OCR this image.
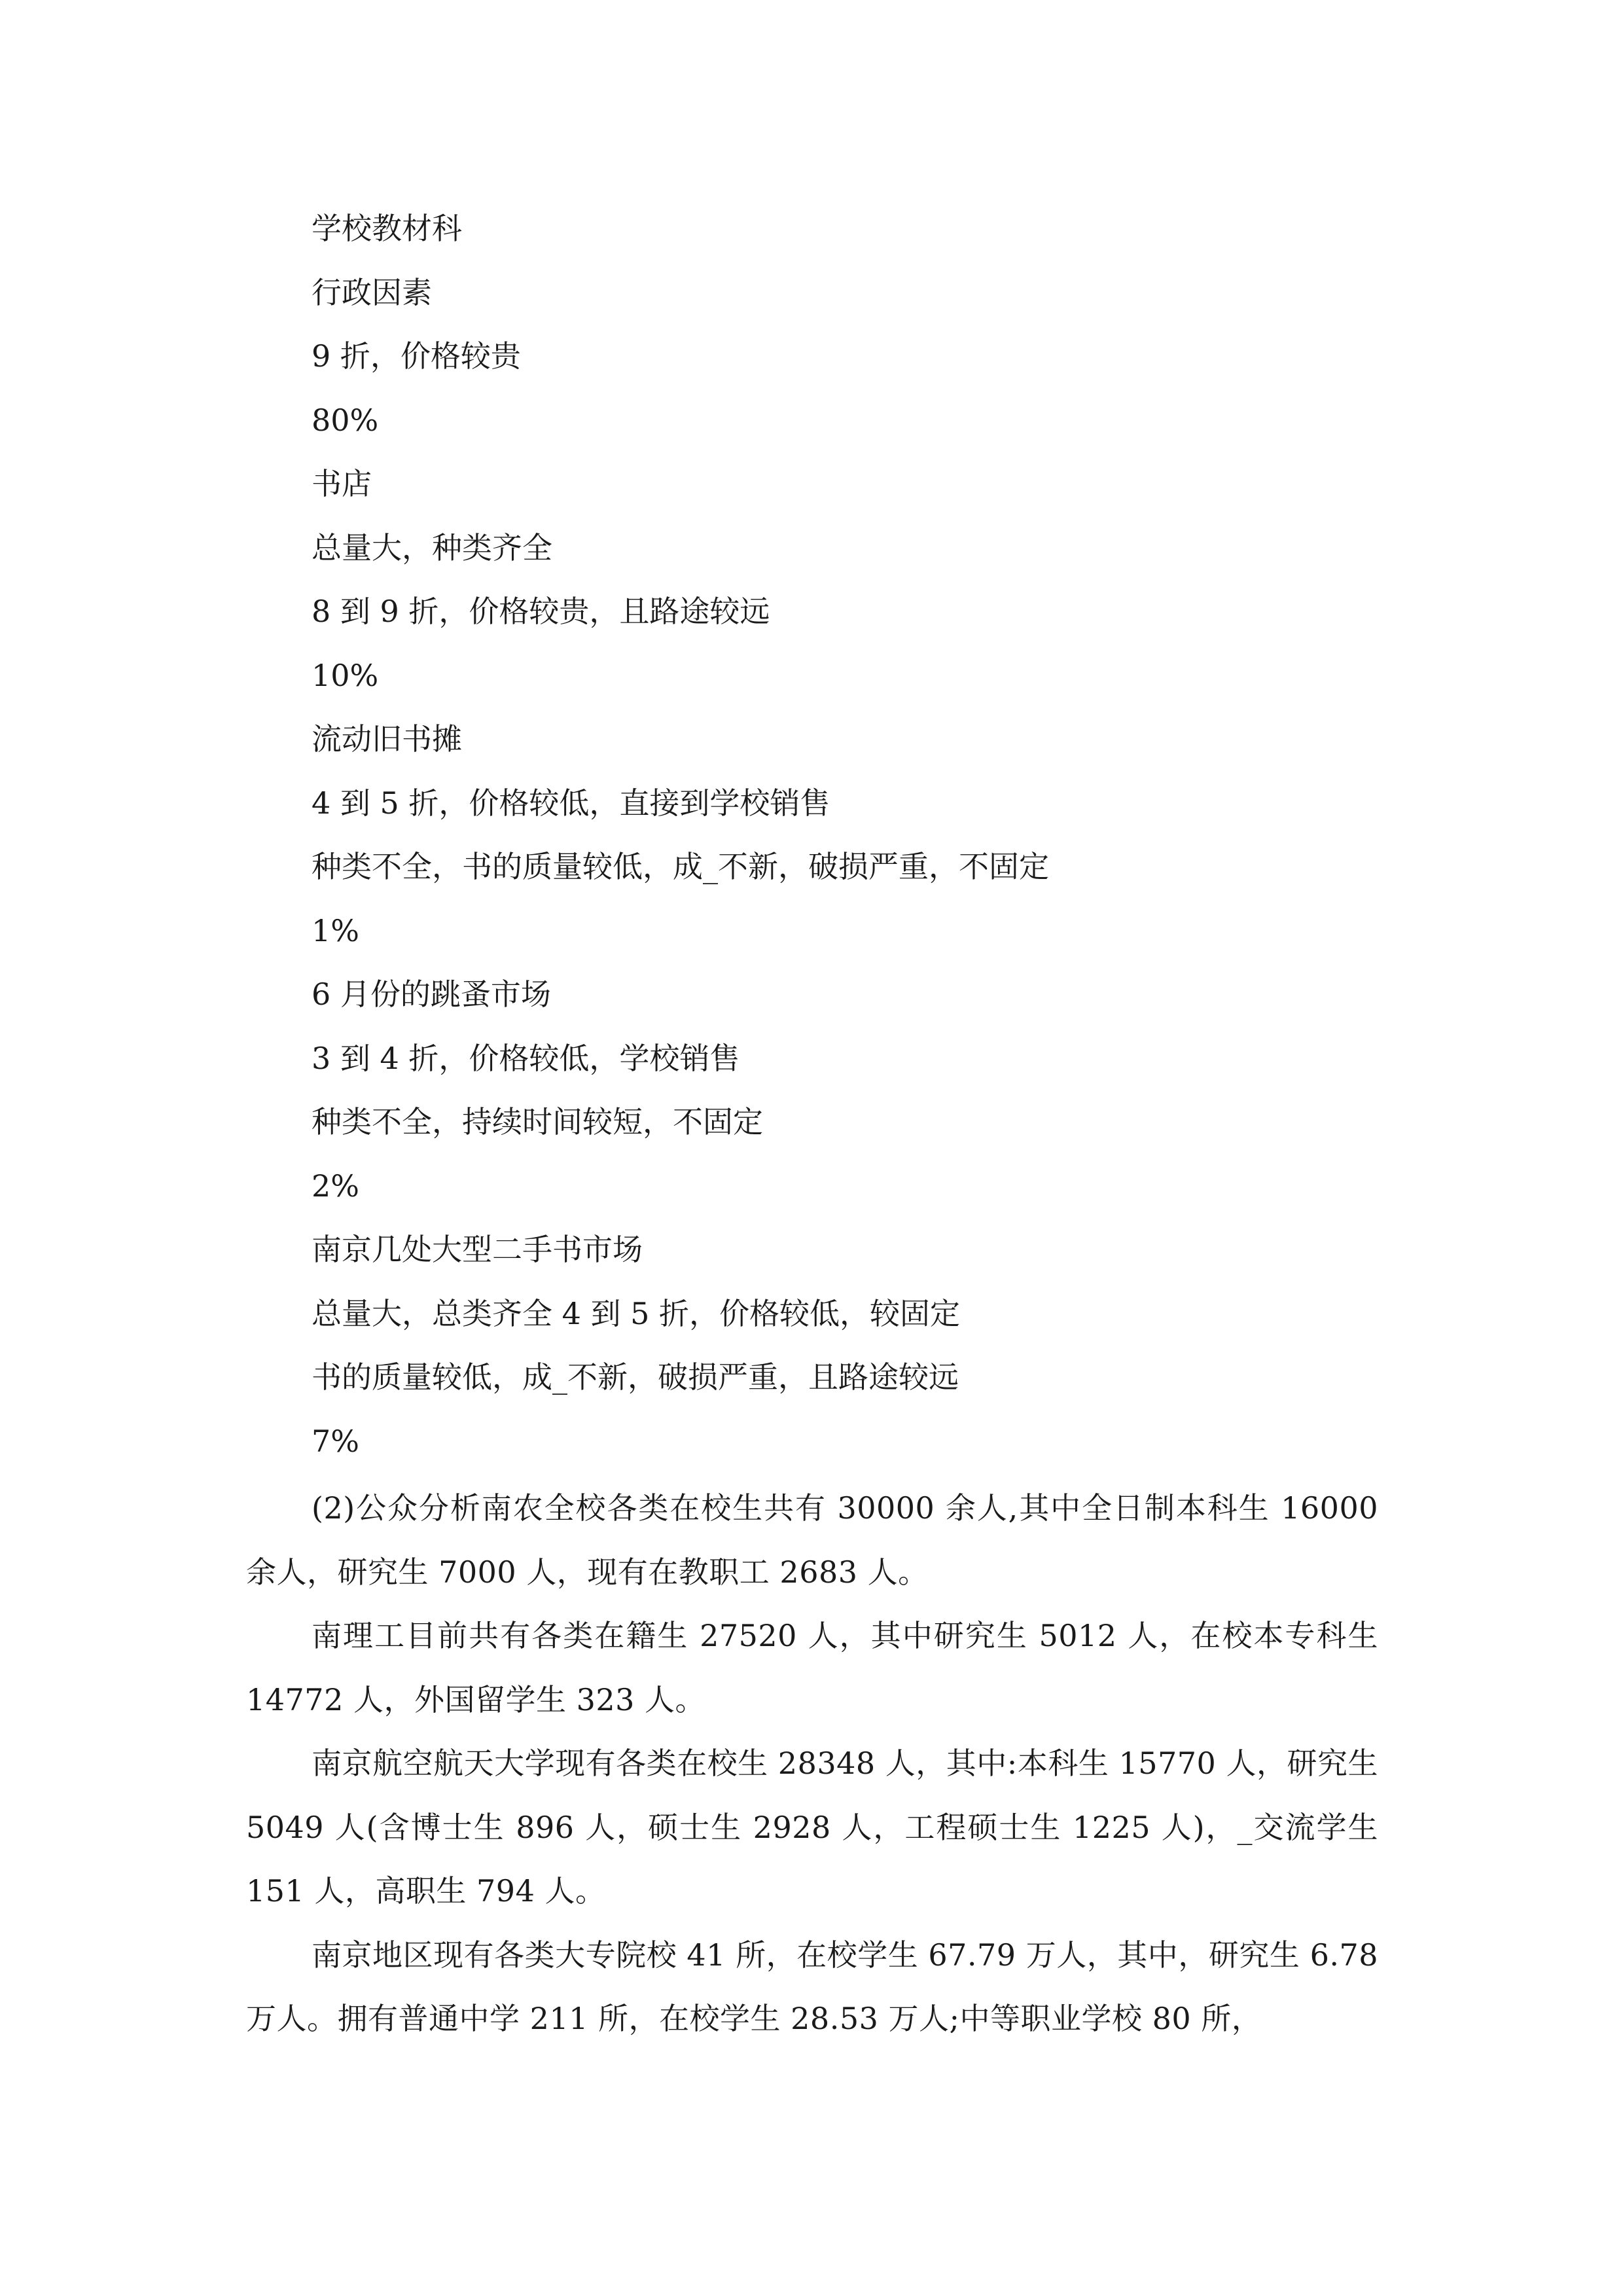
学校教材科
行政因素
9 折，价格较贵
80%
书店
总量大，种类齐全
8 到 9 折，价格较贵，且路途较远
10%
流动旧书摊
4 到 5 折，价格较低，直接到学校销售
种类不全，书的质量较低，成_不新，破损严重，不固定
1%
6 月份的跳蚤市场
3 到 4 折，价格较低，学校销售
种类不全，持续时间较短，不固定
2%
南京几处大型二手书市场
总量大，总类齐全 4 到 5 折，价格较低，较固定
书的质量较低，成_不新，破损严重，且路途较远
7%

(2)公众分析南农全校各类在校生共有 30000 余人,其中全日制本科生 16000 余人，研究生 7000 人，现有在教职工 2683 人。

南理工目前共有各类在籍生 27520 人，其中研究生 5012 人，在校本专科生 14772 人，外国留学生 323 人。

南京航空航天大学现有各类在校生 28348 人，其中:本科生 15770 人，研究生 5049 人(含博士生 896 人，硕士生 2928 人，工程硕士生 1225 人)，_交流学生 151 人，高职生 794 人。

南京地区现有各类大专院校 41 所，在校学生 67.79 万人，其中，研究生 6.78 万人。拥有普通中学 211 所，在校学生 28.53 万人;中等职业学校 80 所，
